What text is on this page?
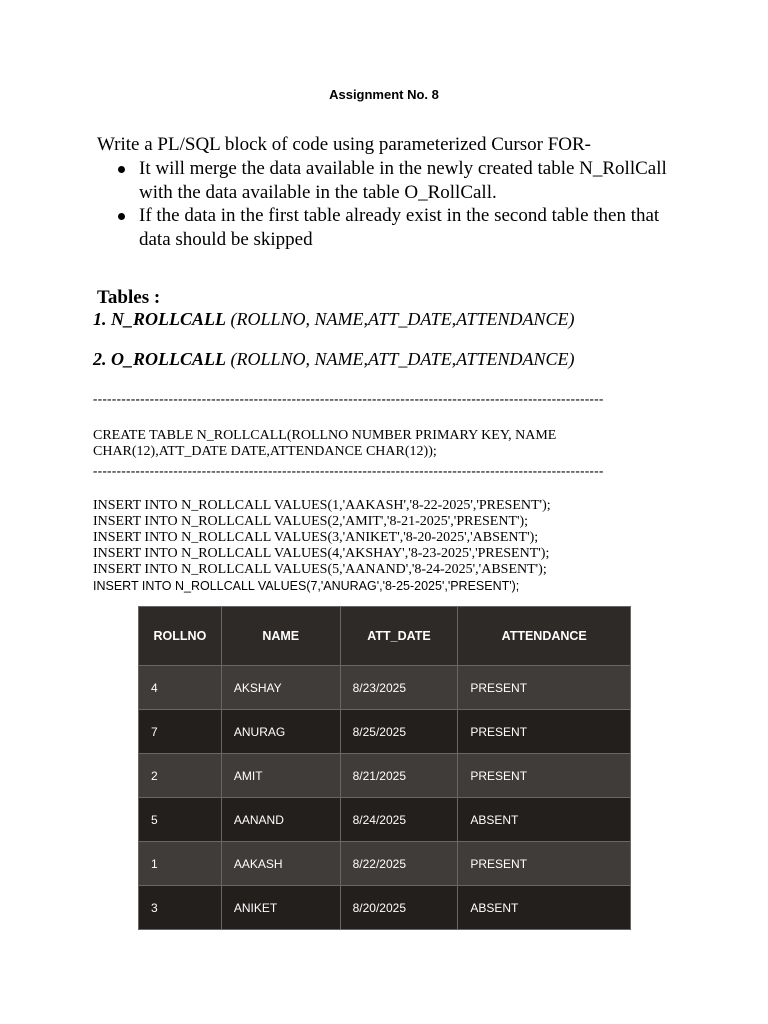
Assignment No. 8
Write a PL/SQL block of code using parameterized Cursor FOR-
It will merge the data available in the newly created table N_RollCall with the data available in the table O_RollCall.
If the data in the first table already exist in the second table then that data should be skipped
Tables :
1. N_ROLLCALL (ROLLNO, NAME,ATT_DATE,ATTENDANCE)
2. O_ROLLCALL (ROLLNO, NAME,ATT_DATE,ATTENDANCE)
------------------------------------------------------------------------------------------------------------
CREATE TABLE N_ROLLCALL(ROLLNO NUMBER PRIMARY KEY, NAME CHAR(12),ATT_DATE DATE,ATTENDANCE CHAR(12));
------------------------------------------------------------------------------------------------------------
INSERT INTO N_ROLLCALL VALUES(1,'AAKASH','8-22-2025','PRESENT');
INSERT INTO N_ROLLCALL VALUES(2,'AMIT','8-21-2025','PRESENT');
INSERT INTO N_ROLLCALL VALUES(3,'ANIKET','8-20-2025','ABSENT');
INSERT INTO N_ROLLCALL VALUES(4,'AKSHAY','8-23-2025','PRESENT');
INSERT INTO N_ROLLCALL VALUES(5,'AANAND','8-24-2025','ABSENT');
INSERT INTO N_ROLLCALL VALUES(7,'ANURAG','8-25-2025','PRESENT');
ROLLNO	NAME	ATT_DATE	ATTENDANCE
4	AKSHAY	8/23/2025	PRESENT
7	ANURAG	8/25/2025	PRESENT
2	AMIT	8/21/2025	PRESENT
5	AANAND	8/24/2025	ABSENT
1	AAKASH	8/22/2025	PRESENT
3	ANIKET	8/20/2025	ABSENT
